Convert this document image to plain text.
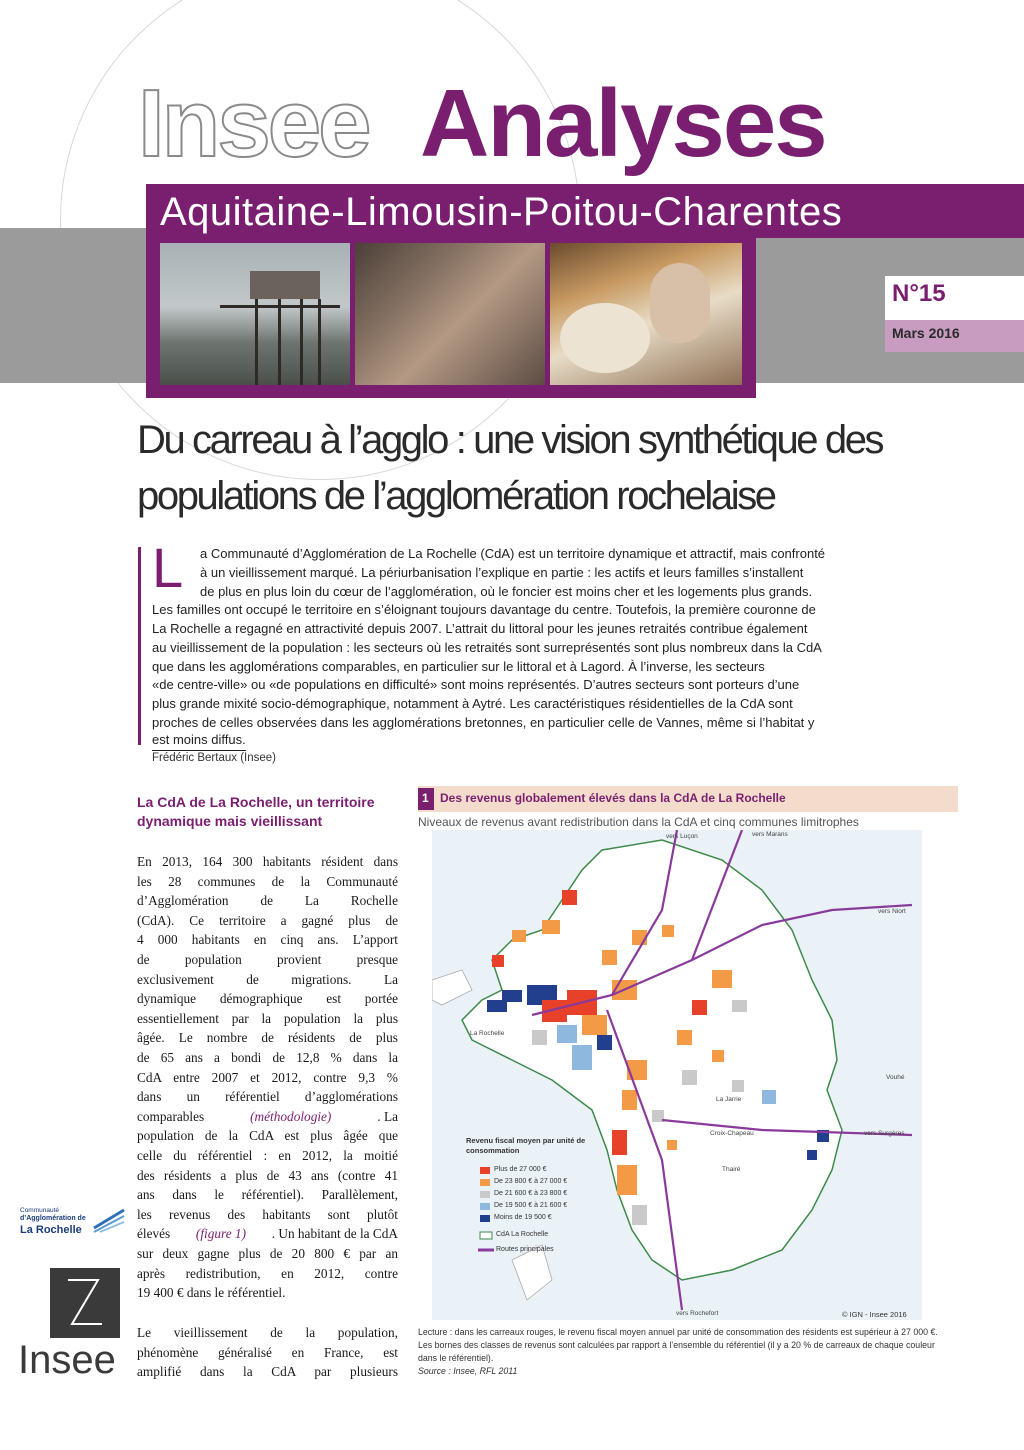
Insee Analyses
Aquitaine-Limousin-Poitou-Charentes
N°15
Mars 2016
Du carreau à l’agglo : une vision synthétique des
populations de l’agglomération rochelaise
L a Communauté d’Agglomération de La Rochelle (CdA) est un territoire dynamique et attractif, mais confronté
à un vieillissement marqué. La périurbanisation l’explique en partie : les actifs et leurs familles s’installent
de plus en plus loin du cœur de l’agglomération, où le foncier est moins cher et les logements plus grands.
Les familles ont occupé le territoire en s’éloignant toujours davantage du centre. Toutefois, la première couronne de
La Rochelle a regagné en attractivité depuis 2007. L’attrait du littoral pour les jeunes retraités contribue également
au vieillissement de la population : les secteurs où les retraités sont surreprésentés sont plus nombreux dans la CdA
que dans les agglomérations comparables, en particulier sur le littoral et à Lagord. À l’inverse, les secteurs
«de centre-ville» ou «de populations en difficulté» sont moins représentés. D’autres secteurs sont porteurs d’une
plus grande mixité socio-démographique, notamment à Aytré. Les caractéristiques résidentielles de la CdA sont
proches de celles observées dans les agglomérations bretonnes, en particulier celle de Vannes, même si l’habitat y
est moins diffus.
Frédéric Bertaux (Insee)
La CdA de La Rochelle, un territoire
dynamique mais vieillissant
En 2013, 164 300 habitants résident dans
les 28 communes de la Communauté
d’Agglomération de La Rochelle
(CdA). Ce territoire a gagné plus de
4 000 habitants en cinq ans. L’apport
de population provient presque
exclusivement de migrations. La
dynamique démographique est portée
essentiellement par la population la plus
âgée. Le nombre de résidents de plus
de 65 ans a bondi de 12,8 % dans la
CdA entre 2007 et 2012, contre 9,3 %
dans un référentiel d’agglomérations
comparables	(méthodologie)	. La
population de la CdA est plus âgée que
celle du référentiel : en 2012, la moitié
des résidents a plus de 43 ans (contre 41
ans dans le référentiel). Parallèlement,
les revenus des habitants sont plutôt
élevés (figure 1) . Un habitant de la CdA
sur deux gagne plus de 20 800 € par an
après redistribution, en 2012, contre
19 400 € dans le référentiel.
Le vieillissement de la population,
phénomène généralisé en France, est
amplifié dans la CdA par plusieurs
Communauté
d’Agglomération de
La Rochelle
Insee
1 Des revenus globalement élevés dans la CdA de La Rochelle
Niveaux de revenus avant redistribution dans la CdA et cinq communes limitrophes
Revenu fiscal moyen par unité de consommation
Plus de 27 000 €
De 23 800 € à 27 000 €
De 21 600 € à 23 800 €
De 19 500 € à 21 600 €
Moins de 19 500 €
CdA La Rochelle
Routes principales
vers Luçon	vers Marans
vers Niort
vers Surgères
vers Rochefort
La Rochelle
La Jarrie
Thairé
Croix-Chapeau
Vouhé
© IGN - Insee 2016
Lecture : dans les carreaux rouges, le revenu fiscal moyen annuel par unité de consommation des résidents est supérieur à 27 000 €.
Les bornes des classes de revenus sont calculées par rapport à l’ensemble du référentiel (il y a 20 % de carreaux de chaque couleur
dans le référentiel).
Source : Insee, RFL 2011
